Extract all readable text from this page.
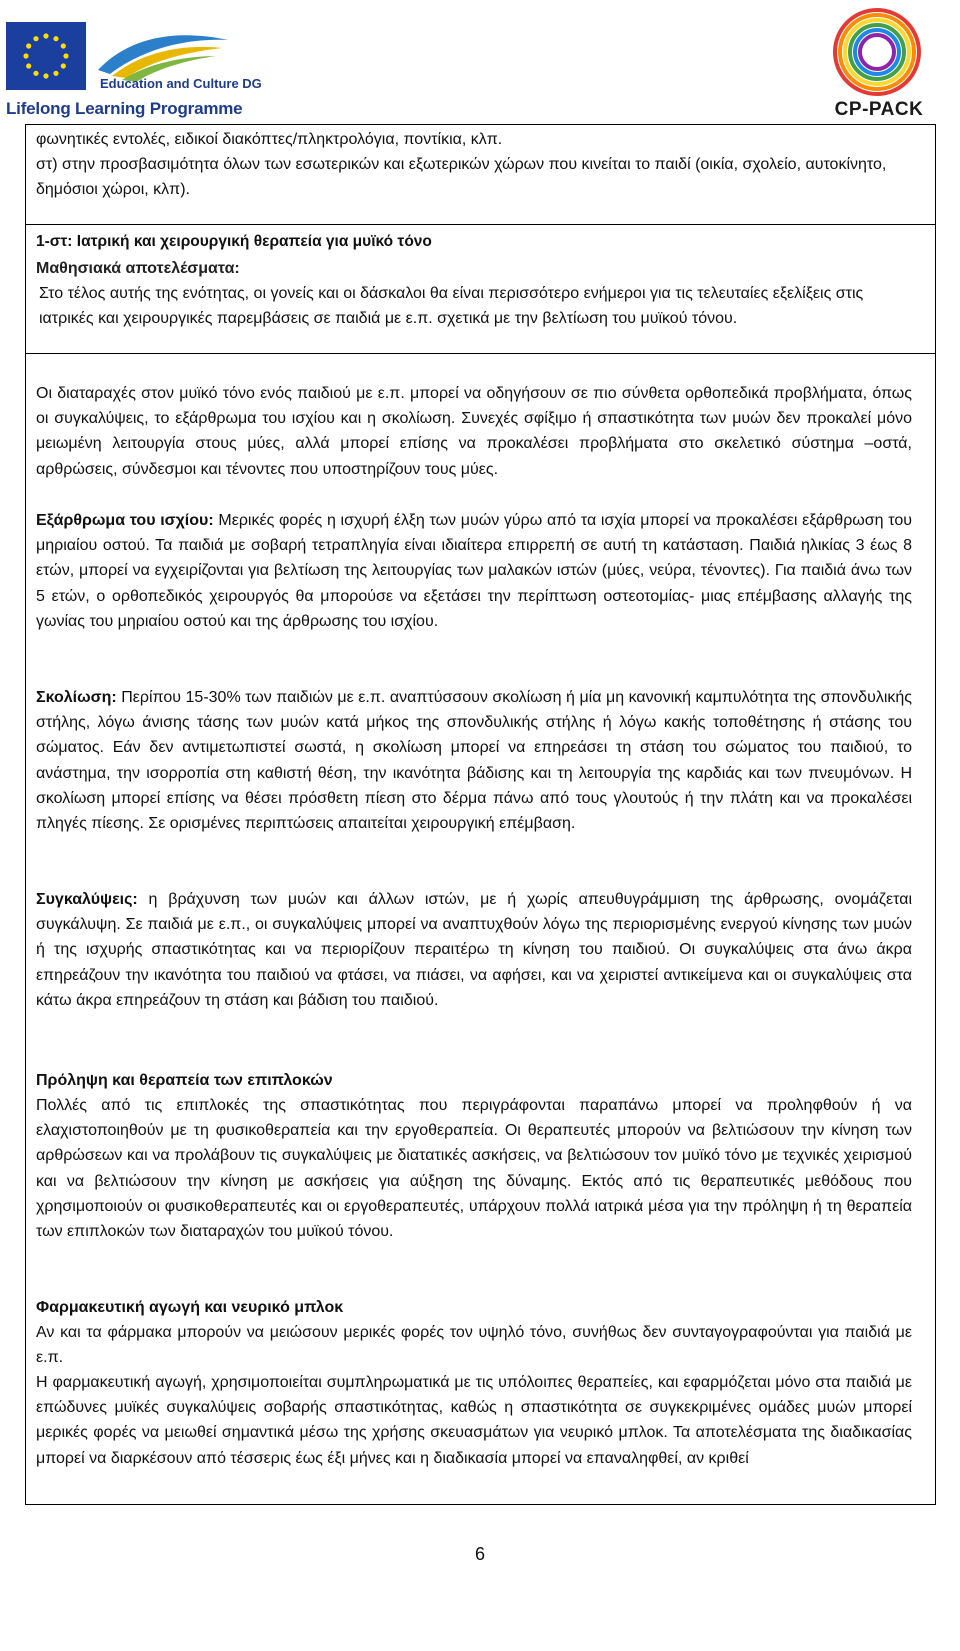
Education and Culture DG
Lifelong Learning Programme	CP-PACK

φωνητικές εντολές, ειδικοί διακόπτες/πληκτρολόγια, ποντίκια, κλπ.

στ) στην προσβασιμότητα όλων των εσωτερικών και εξωτερικών χώρων που κινείται το παιδί (οικία, σχολείο, αυτοκίνητο, δημόσιοι χώροι, κλπ).

1-στ: Ιατρική και χειρουργική θεραπεία για μυϊκό τόνο

Μαθησιακά αποτελέσματα:

Στο τέλος αυτής της ενότητας, οι γονείς και οι δάσκαλοι θα είναι περισσότερο ενήμεροι για τις τελευταίες εξελίξεις στις ιατρικές και χειρουργικές παρεμβάσεις σε παιδιά με ε.π. σχετικά με την βελτίωση του μυϊκού τόνου.

Οι διαταραχές στον μυϊκό τόνο ενός παιδιού με ε.π. μπορεί να οδηγήσουν σε πιο σύνθετα ορθοπεδικά προβλήματα, όπως οι συγκαλύψεις, το εξάρθρωμα του ισχίου και η σκολίωση. Συνεχές σφίξιμο ή σπαστικότητα των μυών δεν προκαλεί μόνο μειωμένη λειτουργία στους μύες, αλλά μπορεί επίσης να προκαλέσει προβλήματα στο σκελετικό σύστημα –οστά, αρθρώσεις, σύνδεσμοι και τένοντες που υποστηρίζουν τους μύες.

Εξάρθρωμα του ισχίου: Μερικές φορές η ισχυρή έλξη των μυών γύρω από τα ισχία μπορεί να προκαλέσει εξάρθρωση του μηριαίου οστού. Τα παιδιά με σοβαρή τετραπληγία είναι ιδιαίτερα επιρρεπή σε αυτή τη κατάσταση. Παιδιά ηλικίας 3 έως 8 ετών, μπορεί να εγχειρίζονται για βελτίωση της λειτουργίας των μαλακών ιστών (μύες, νεύρα, τένοντες). Για παιδιά άνω των 5 ετών, ο ορθοπεδικός χειρουργός θα μπορούσε να εξετάσει την περίπτωση οστεοτομίας- μιας επέμβασης αλλαγής της γωνίας του μηριαίου οστού και της άρθρωσης του ισχίου.

Σκολίωση: Περίπου 15-30% των παιδιών με ε.π. αναπτύσσουν σκολίωση ή μία μη κανονική καμπυλότητα της σπονδυλικής στήλης, λόγω άνισης τάσης των μυών κατά μήκος της σπονδυλικής στήλης ή λόγω κακής τοποθέτησης ή στάσης του σώματος. Εάν δεν αντιμετωπιστεί σωστά, η σκολίωση μπορεί να επηρεάσει τη στάση του σώματος του παιδιού, το ανάστημα, την ισορροπία στη καθιστή θέση, την ικανότητα βάδισης και τη λειτουργία της καρδιάς και των πνευμόνων. Η σκολίωση μπορεί επίσης να θέσει πρόσθετη πίεση στο δέρμα πάνω από τους γλουτούς ή την πλάτη και να προκαλέσει πληγές πίεσης. Σε ορισμένες περιπτώσεις απαιτείται χειρουργική επέμβαση.

Συγκαλύψεις: η βράχυνση των μυών και άλλων ιστών, με ή χωρίς απευθυγράμμιση της άρθρωσης, ονομάζεται συγκάλυψη. Σε παιδιά με ε.π., οι συγκαλύψεις μπορεί να αναπτυχθούν λόγω της περιορισμένης ενεργού κίνησης των μυών ή της ισχυρής σπαστικότητας και να περιορίζουν περαιτέρω τη κίνηση του παιδιού. Οι συγκαλύψεις στα άνω άκρα επηρεάζουν την ικανότητα του παιδιού να φτάσει, να πιάσει, να αφήσει, και να χειριστεί αντικείμενα και οι συγκαλύψεις στα κάτω άκρα επηρεάζουν τη στάση και βάδιση του παιδιού.

Πρόληψη και θεραπεία των επιπλοκών

Πολλές από τις επιπλοκές της σπαστικότητας που περιγράφονται παραπάνω μπορεί να προληφθούν ή να ελαχιστοποιηθούν με τη φυσικοθεραπεία και την εργοθεραπεία. Οι θεραπευτές μπορούν να βελτιώσουν την κίνηση των αρθρώσεων και να προλάβουν τις συγκαλύψεις με διατατικές ασκήσεις, να βελτιώσουν τον μυϊκό τόνο με τεχνικές χειρισμού και να βελτιώσουν την κίνηση με ασκήσεις για αύξηση της δύναμης. Εκτός από τις θεραπευτικές μεθόδους που χρησιμοποιούν οι φυσικοθεραπευτές και οι εργοθεραπευτές, υπάρχουν πολλά ιατρικά μέσα για την πρόληψη ή τη θεραπεία των επιπλοκών των διαταραχών του μυϊκού τόνου.

Φαρμακευτική αγωγή και νευρικό μπλοκ

Αν και τα φάρμακα μπορούν να μειώσουν μερικές φορές τον υψηλό τόνο, συνήθως δεν συνταγογραφούνται για παιδιά με ε.π.

Η φαρμακευτική αγωγή, χρησιμοποιείται συμπληρωματικά με τις υπόλοιπες θεραπείες, και εφαρμόζεται μόνο στα παιδιά με επώδυνες μυϊκές συγκαλύψεις σοβαρής σπαστικότητας, καθώς η σπαστικότητα σε συγκεκριμένες ομάδες μυών μπορεί μερικές φορές να μειωθεί σημαντικά μέσω της χρήσης σκευασμάτων για νευρικό μπλοκ. Τα αποτελέσματα της διαδικασίας μπορεί να διαρκέσουν από τέσσερις έως έξι μήνες και η διαδικασία μπορεί να επαναληφθεί, αν κριθεί

6
